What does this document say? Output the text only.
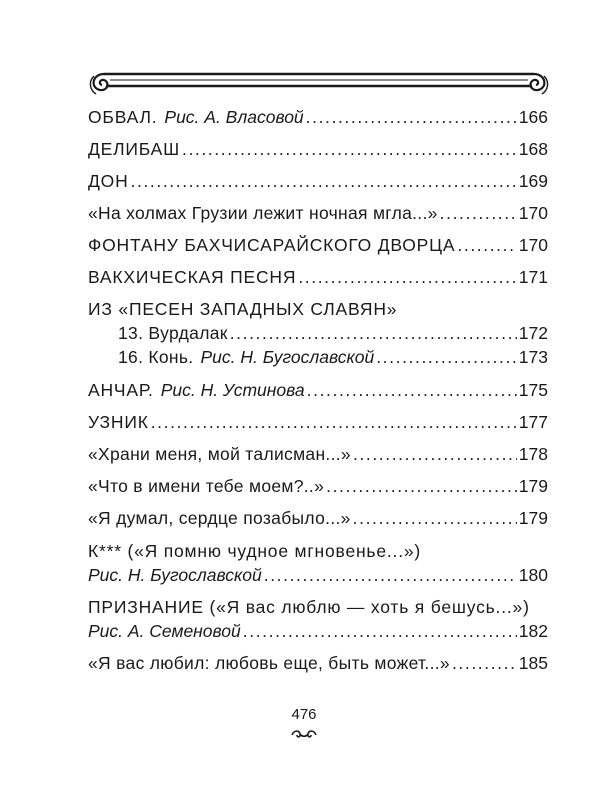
ОБВАЛ. Рис. А. Власовой .....	166
ДЕЛИБАШ .....	168
ДОН .....	169
«На холмах Грузии лежит ночная мгла...» .....	170
ФОНТАНУ БАХЧИСАРАЙСКОГО ДВОРЦА .....	170
ВАКХИЧЕСКАЯ ПЕСНЯ .....	171
ИЗ «ПЕСЕН ЗАПАДНЫХ СЛАВЯН»
13. Вурдалак .....	172
16. Конь. Рис. Н. Бугославской .....	173
АНЧАР. Рис. Н. Устинова .....	175
УЗНИК .....	177
«Храни меня, мой талисман...» .....	178
«Что в имени тебе моем?..» .....	179
«Я думал, сердце позабыло...» .....	179
К*** («Я помню чудное мгновенье...»)
Рис. Н. Бугославской .....	180
ПРИЗНАНИЕ («Я вас люблю — хоть я бешусь...»)
Рис. А. Семеновой .....	182
«Я вас любил: любовь еще, быть может...» .....	185
476
